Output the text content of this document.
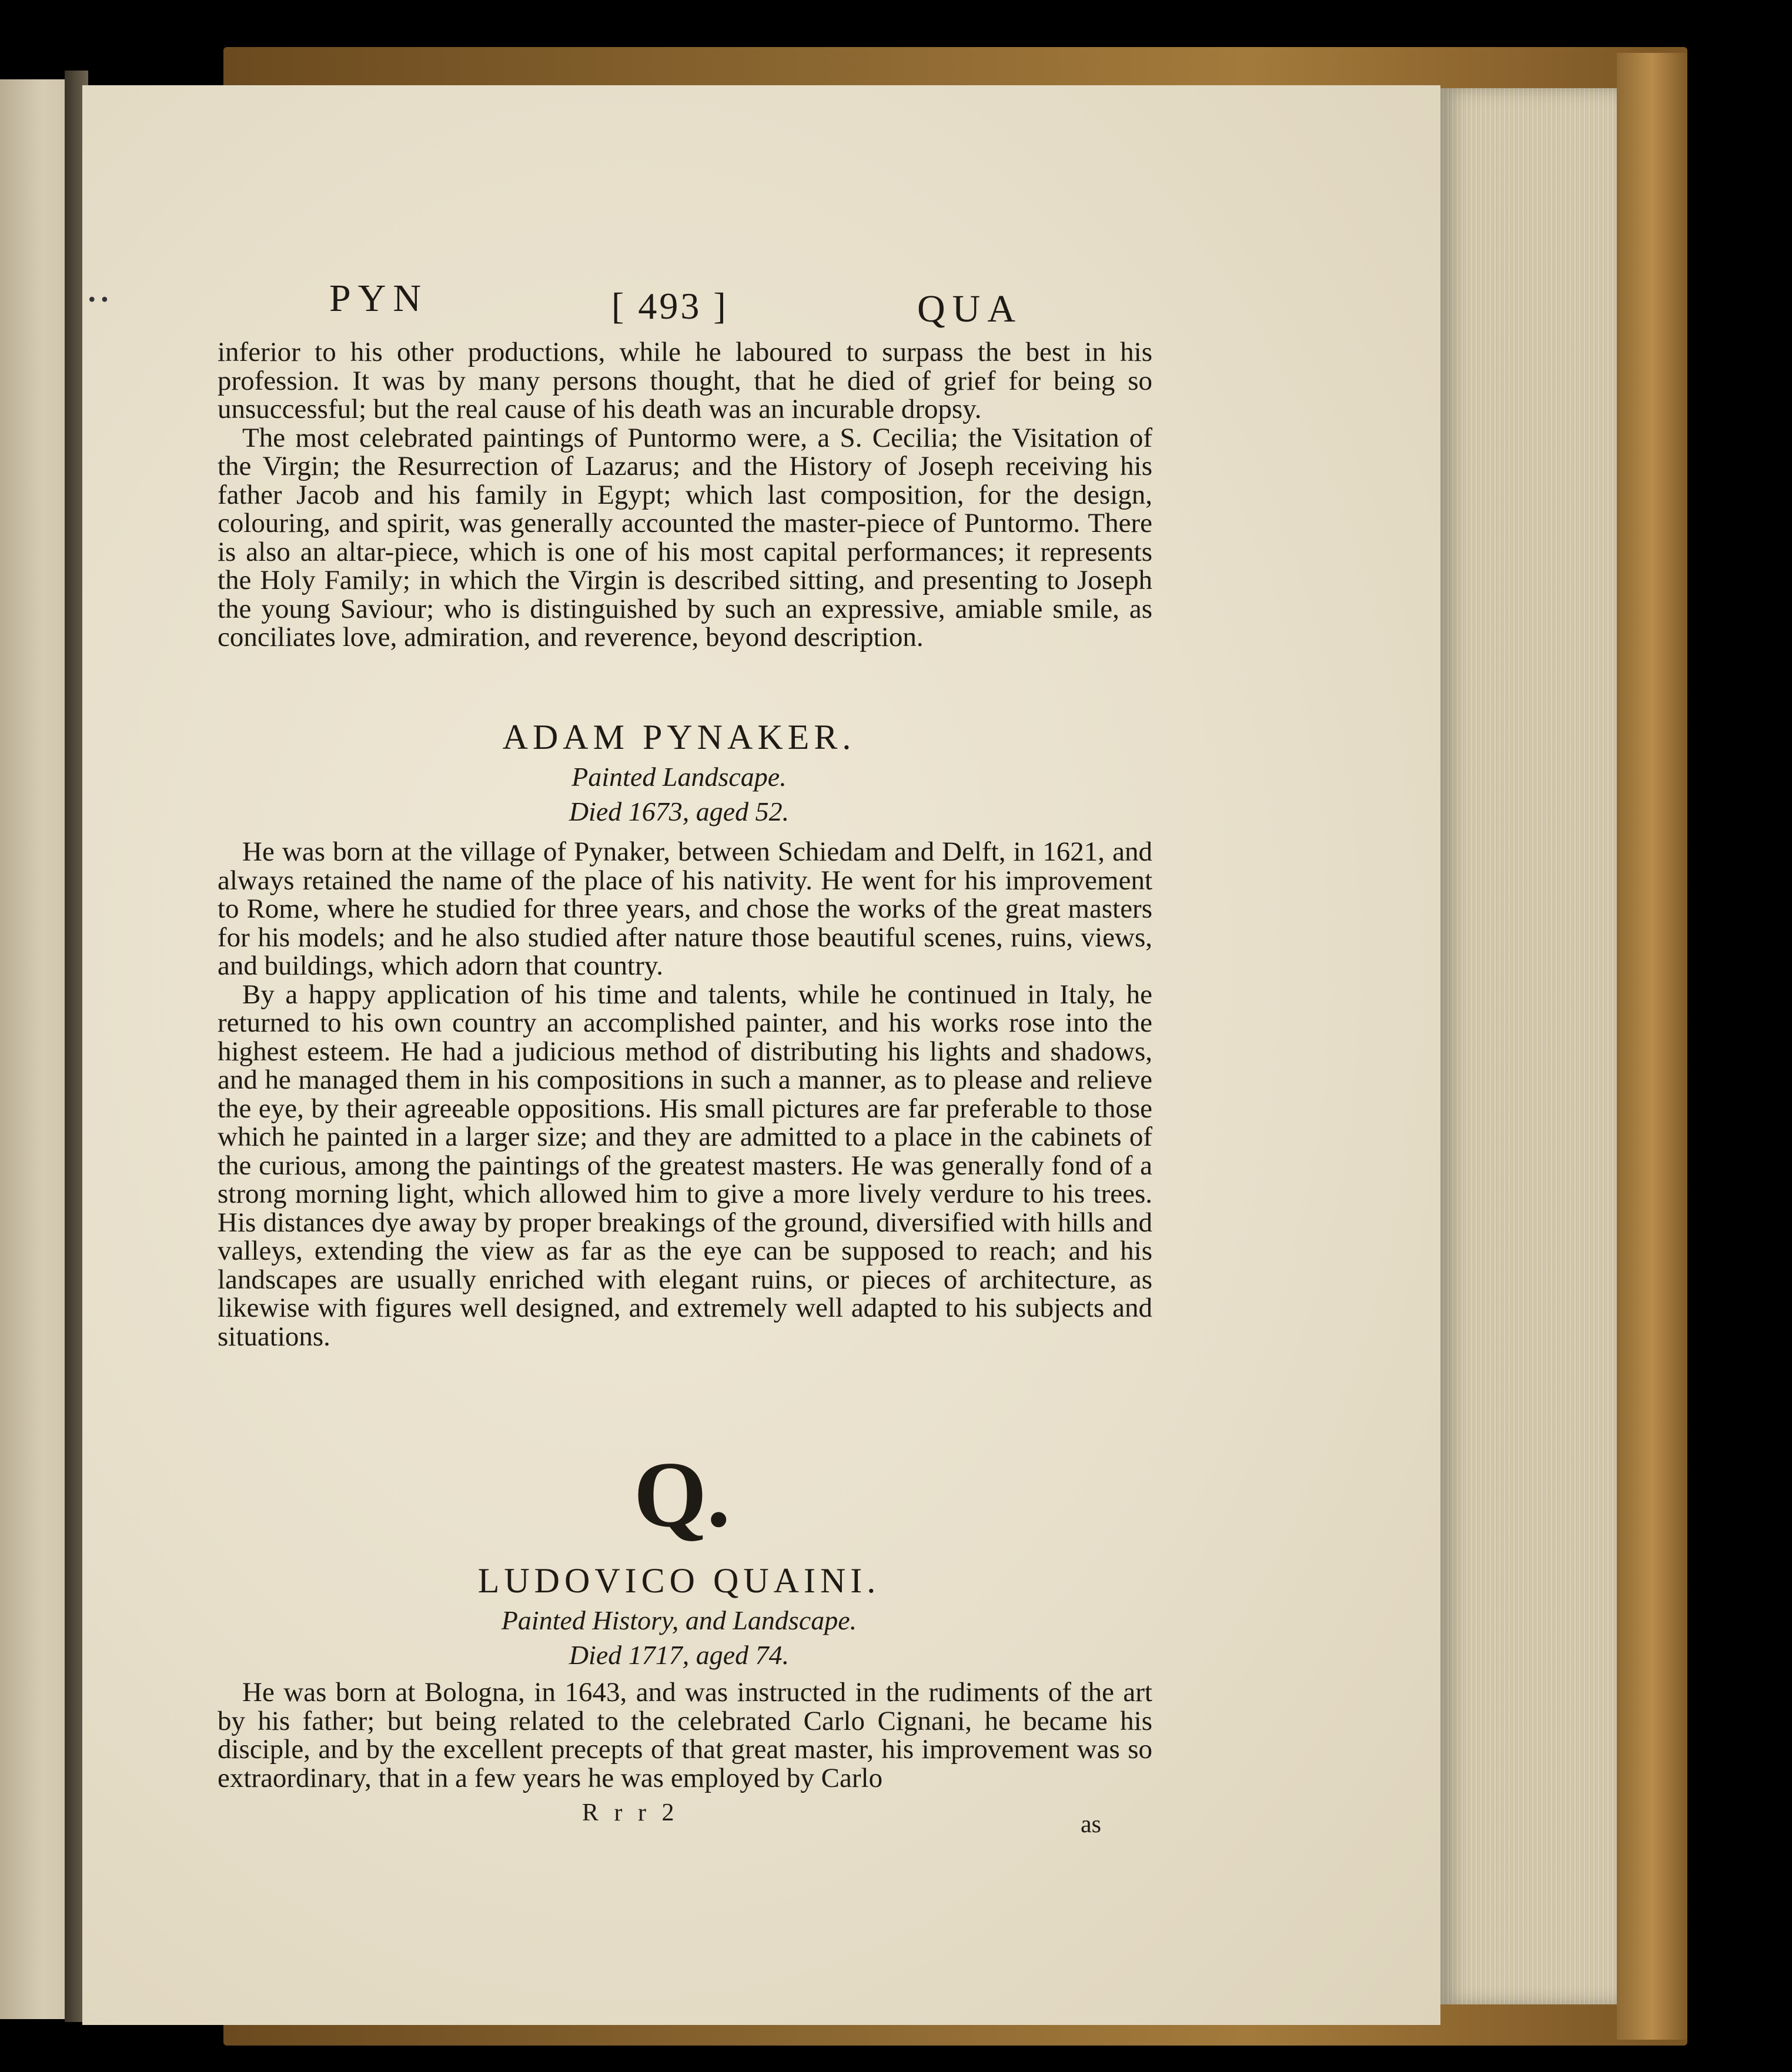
• •	PYN	[ 493 ]	QUA

inferior to his other productions, while he laboured to surpass the best in his profession. It was by many persons thought, that he died of grief for being so unsuccessful; but the real cause of his death was an incurable dropsy.

The most celebrated paintings of Puntormo were, a S. Cecilia; the Visitation of the Virgin; the Resurrection of Lazarus; and the History of Joseph receiving his father Jacob and his family in Egypt; which last composition, for the design, colouring, and spirit, was generally accounted the master-piece of Puntormo. There is also an altar-piece, which is one of his most capital performances; it represents the Holy Family; in which the Virgin is described sitting, and presenting to Joseph the young Saviour; who is distinguished by such an expressive, amiable smile, as conciliates love, admiration, and reverence, beyond description.

ADAM PYNAKER.
Painted Landscape.
Died 1673, aged 52.

He was born at the village of Pynaker, between Schiedam and Delft, in 1621, and always retained the name of the place of his nativity. He went for his improvement to Rome, where he studied for three years, and chose the works of the great masters for his models; and he also studied after nature those beautiful scenes, ruins, views, and buildings, which adorn that country.

By a happy application of his time and talents, while he continued in Italy, he returned to his own country an accomplished painter, and his works rose into the highest esteem. He had a judicious method of distributing his lights and shadows, and he managed them in his compositions in such a manner, as to please and relieve the eye, by their agreeable oppositions. His small pictures are far preferable to those which he painted in a larger size; and they are admitted to a place in the cabinets of the curious, among the paintings of the greatest masters. He was generally fond of a strong morning light, which allowed him to give a more lively verdure to his trees. His distances dye away by proper breakings of the ground, diversified with hills and valleys, extending the view as far as the eye can be supposed to reach; and his landscapes are usually enriched with elegant ruins, or pieces of architecture, as likewise with figures well designed, and extremely well adapted to his subjects and situations.

Q.
LUDOVICO QUAINI.
Painted History, and Landscape.
Died 1717, aged 74.

He was born at Bologna, in 1643, and was instructed in the rudiments of the art by his father; but being related to the celebrated Carlo Cignani, he became his disciple, and by the excellent precepts of that great master, his improvement was so extraordinary, that in a few years he was employed by Carlo

R r r 2	as
